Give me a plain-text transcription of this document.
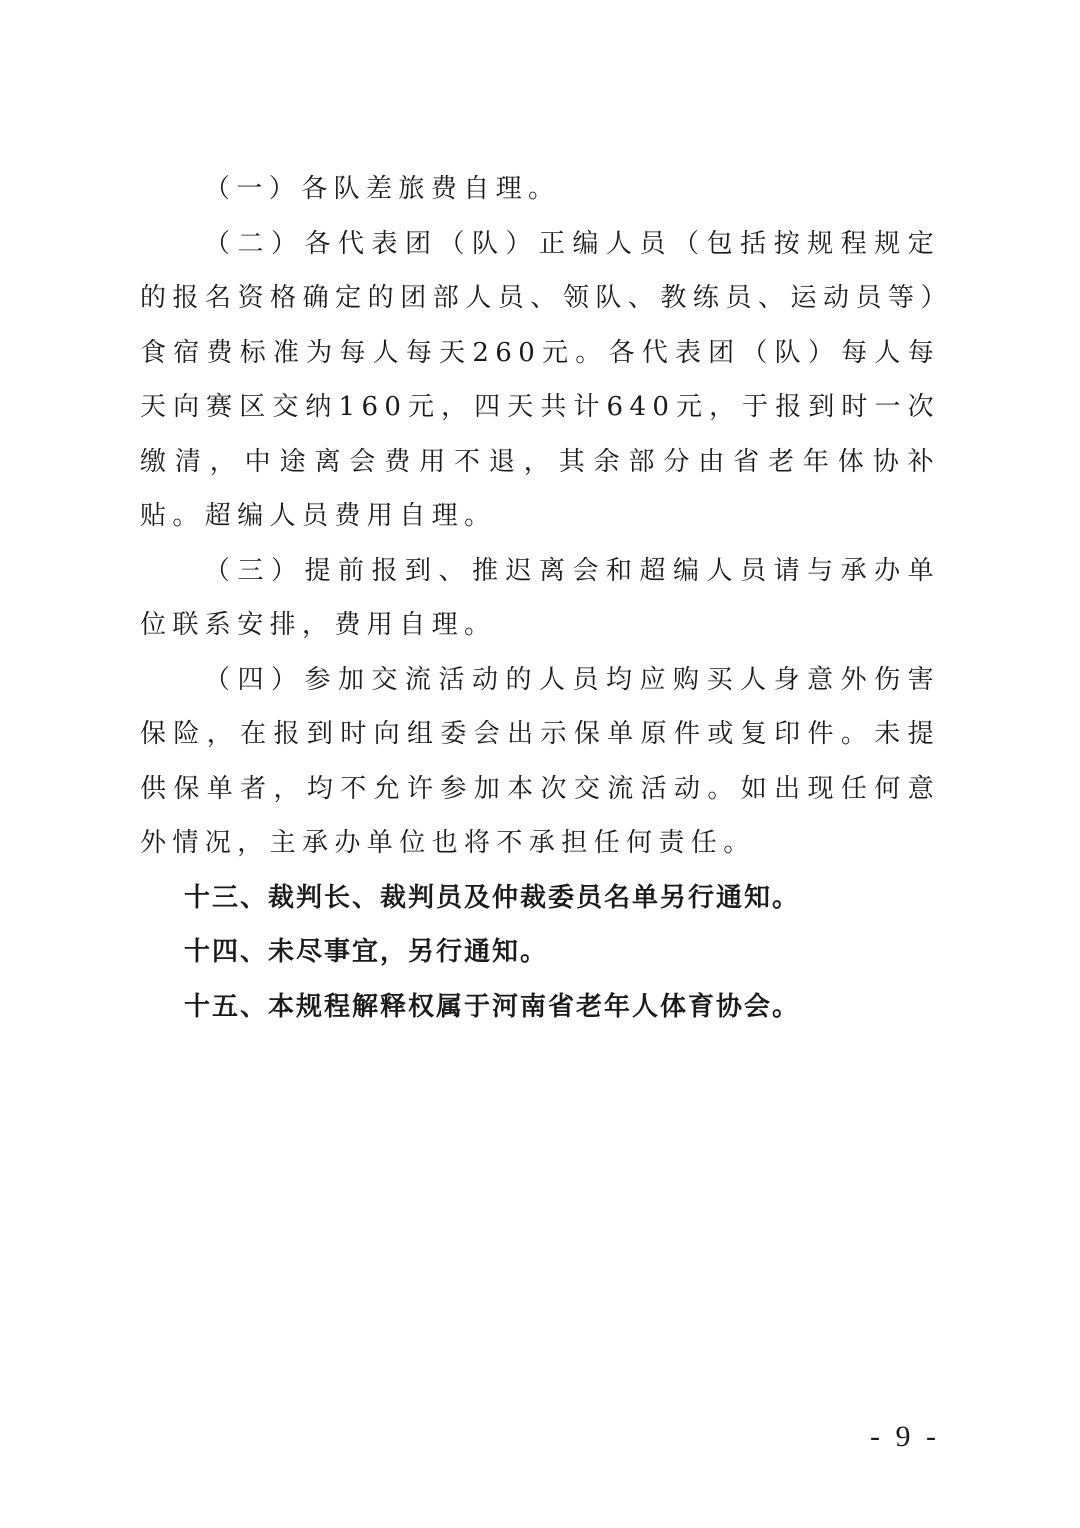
（一）各队差旅费自理。

（二）各代表团（队）正编人员（包括按规程规定的报名资格确定的团部人员、领队、教练员、运动员等）食宿费标准为每人每天260元。各代表团（队）每人每天向赛区交纳160元，四天共计640元，于报到时一次缴清，中途离会费用不退，其余部分由省老年体协补贴。超编人员费用自理。

（三）提前报到、推迟离会和超编人员请与承办单位联系安排，费用自理。

（四）参加交流活动的人员均应购买人身意外伤害保险，在报到时向组委会出示保单原件或复印件。未提供保单者，均不允许参加本次交流活动。如出现任何意外情况，主承办单位也将不承担任何责任。

十三、裁判长、裁判员及仲裁委员名单另行通知。

十四、未尽事宜，另行通知。

十五、本规程解释权属于河南省老年人体育协会。

- 9 -
